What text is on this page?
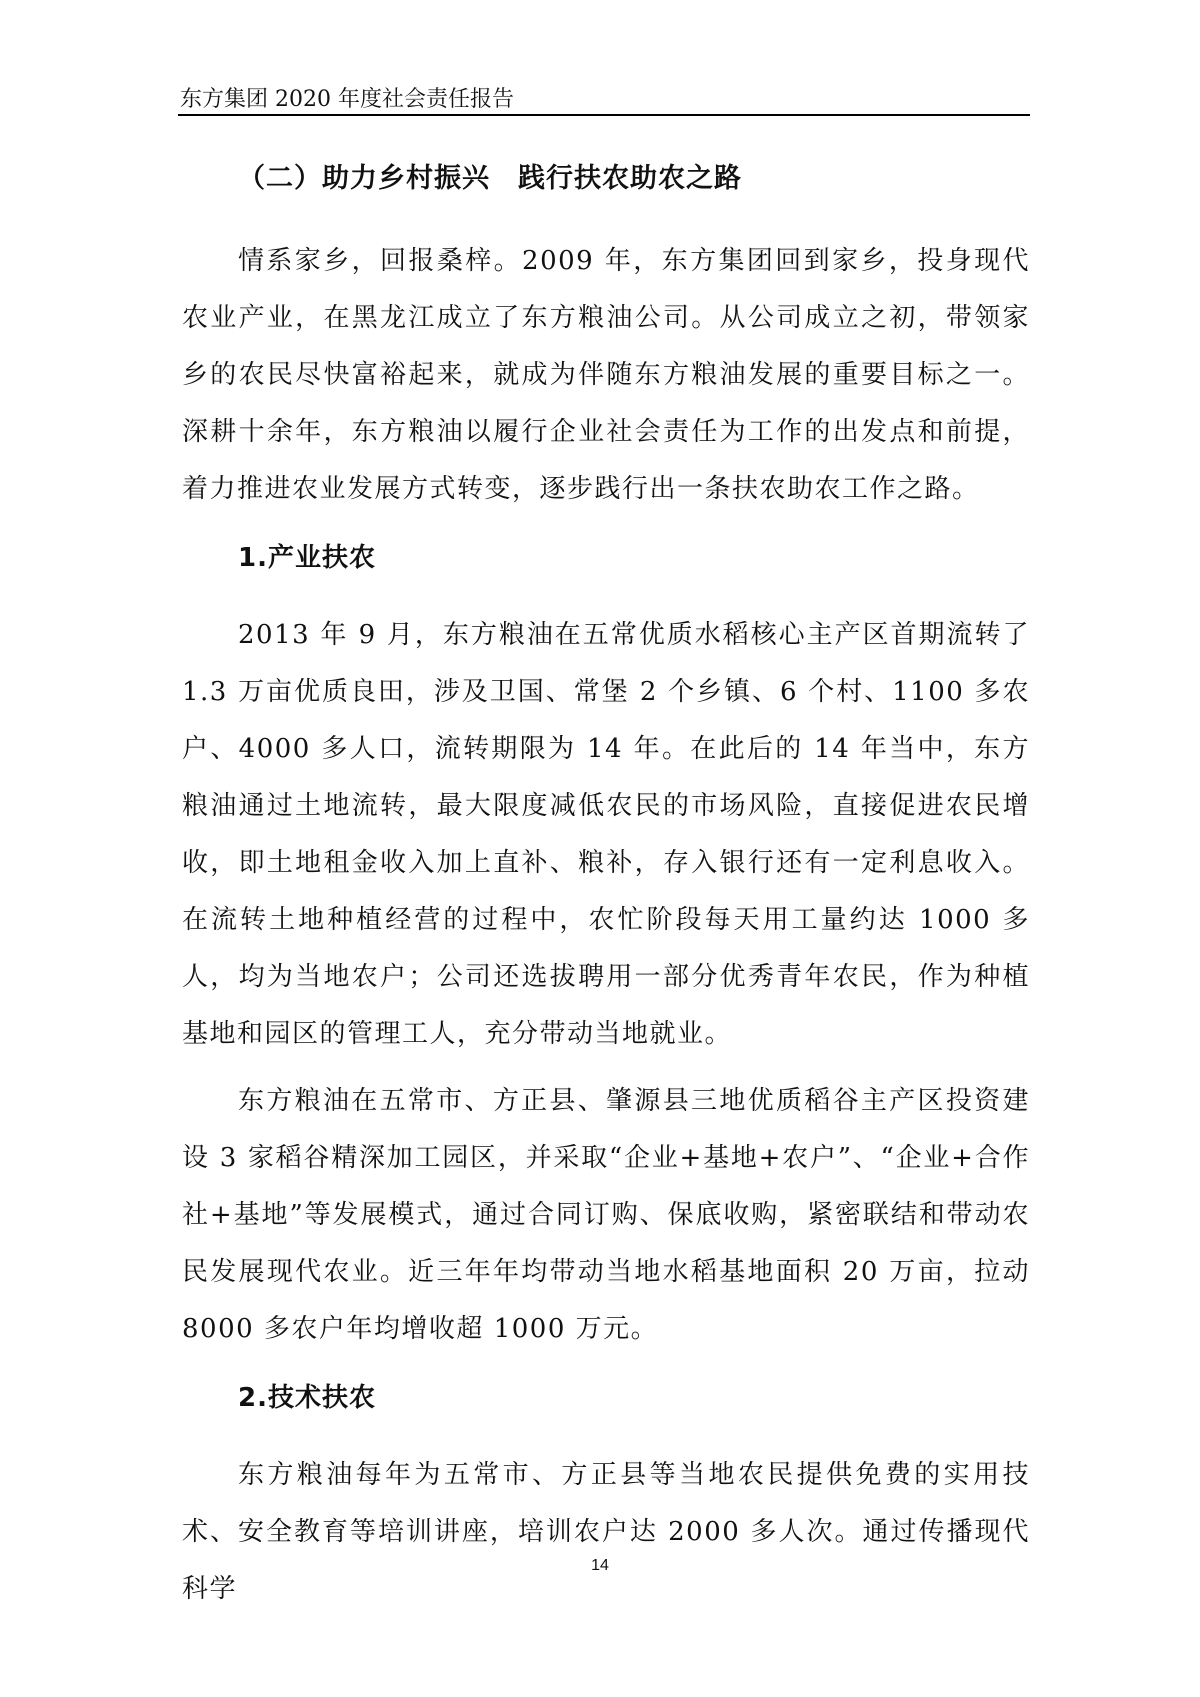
东方集团 2020 年度社会责任报告
（二）助力乡村振兴　践行扶农助农之路

情系家乡，回报桑梓。2009 年，东方集团回到家乡，投身现代农业产业，在黑龙江成立了东方粮油公司。从公司成立之初，带领家乡的农民尽快富裕起来，就成为伴随东方粮油发展的重要目标之一。深耕十余年，东方粮油以履行企业社会责任为工作的出发点和前提，着力推进农业发展方式转变，逐步践行出一条扶农助农工作之路。

1.产业扶农

2013 年 9 月，东方粮油在五常优质水稻核心主产区首期流转了 1.3 万亩优质良田，涉及卫国、常堡 2 个乡镇、6 个村、1100 多农户、4000 多人口，流转期限为 14 年。在此后的 14 年当中，东方粮油通过土地流转，最大限度减低农民的市场风险，直接促进农民增收，即土地租金收入加上直补、粮补，存入银行还有一定利息收入。在流转土地种植经营的过程中，农忙阶段每天用工量约达 1000 多人，均为当地农户；公司还选拔聘用一部分优秀青年农民，作为种植基地和园区的管理工人，充分带动当地就业。

东方粮油在五常市、方正县、肇源县三地优质稻谷主产区投资建设 3 家稻谷精深加工园区，并采取“企业+基地+农户”、“企业+合作社+基地”等发展模式，通过合同订购、保底收购，紧密联结和带动农民发展现代农业。近三年年均带动当地水稻基地面积 20 万亩，拉动 8000 多农户年均增收超 1000 万元。

2.技术扶农

东方粮油每年为五常市、方正县等当地农民提供免费的实用技术、安全教育等培训讲座，培训农户达 2000 多人次。通过传播现代科学

14
